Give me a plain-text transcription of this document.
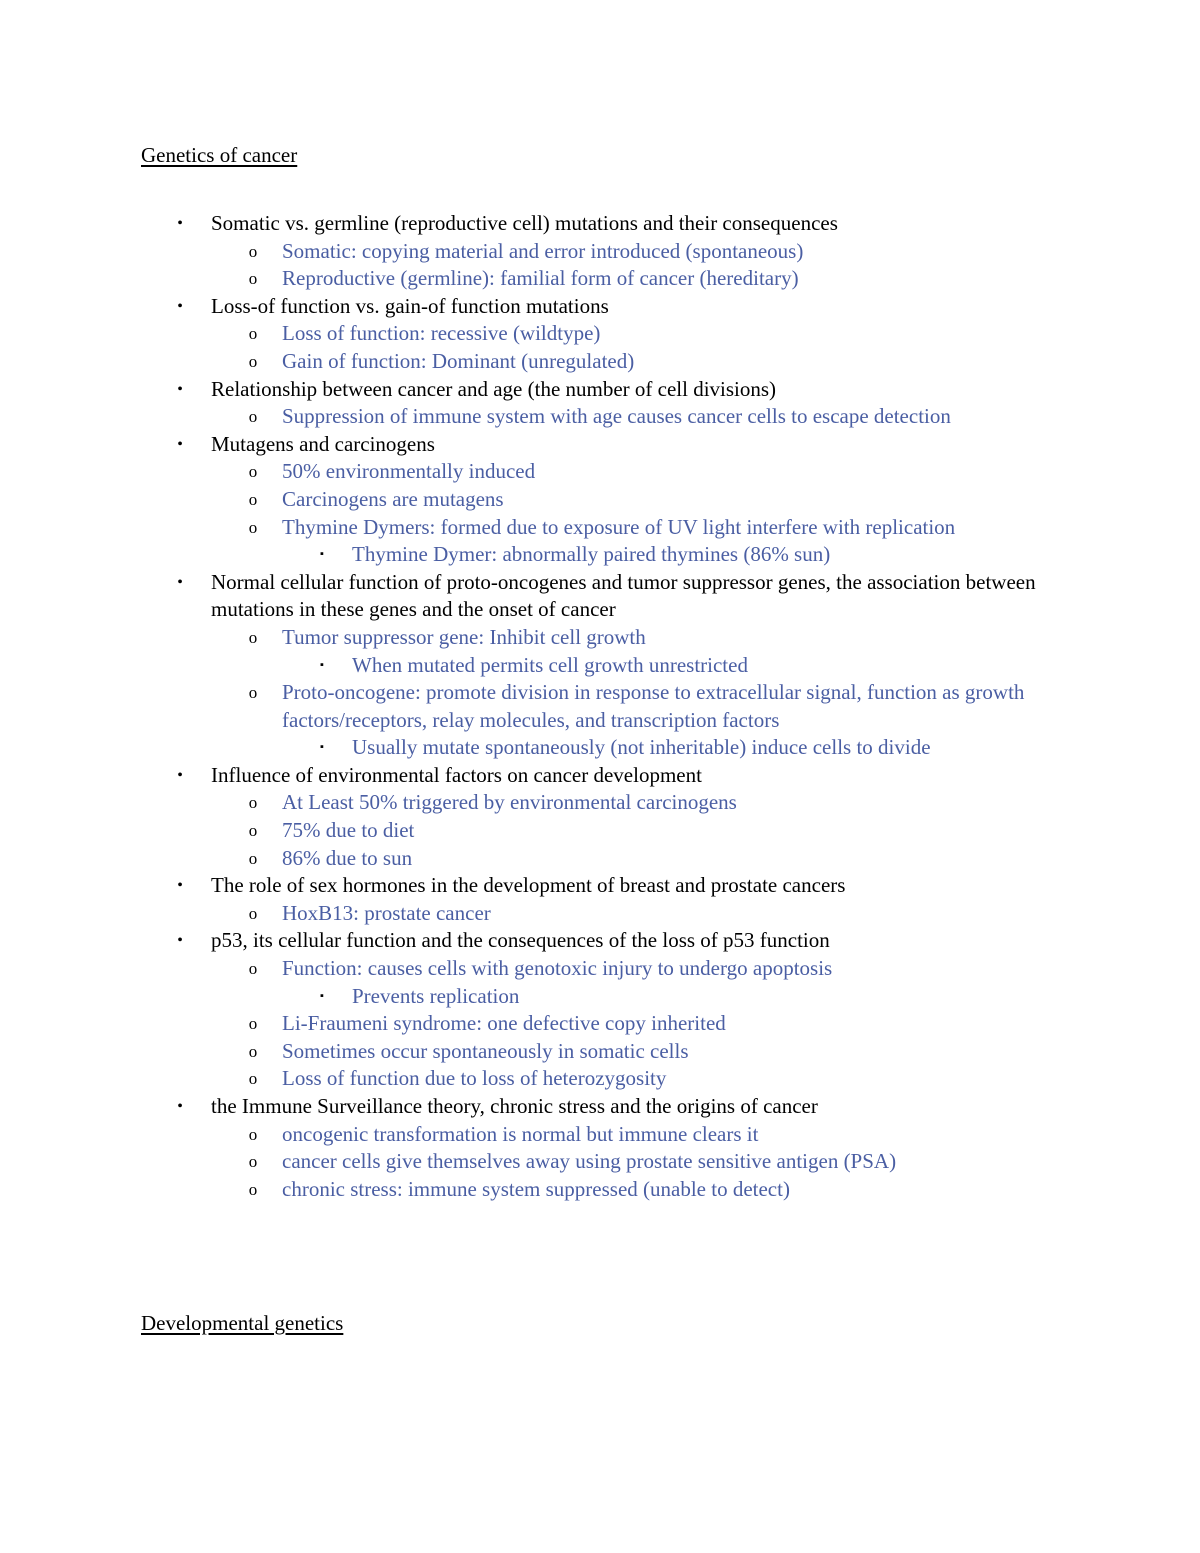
Genetics of cancer
•	Somatic vs. germline (reproductive cell) mutations and their consequences
o Somatic: copying material and error introduced (spontaneous)
o Reproductive (germline): familial form of cancer (hereditary)
•	Loss-of function vs. gain-of function mutations
o Loss of function: recessive (wildtype)
o Gain of function: Dominant (unregulated)
•	Relationship between cancer and age (the number of cell divisions)
o Suppression of immune system with age causes cancer cells to escape detection
•	Mutagens and carcinogens
o 50% environmentally induced
o Carcinogens are mutagens
o Thymine Dymers: formed due to exposure of UV light interfere with replication
▪	Thymine Dymer: abnormally paired thymines (86% sun)
•	Normal cellular function of proto-oncogenes and tumor suppressor genes, the association between mutations in these genes and the onset of cancer
o Tumor suppressor gene: Inhibit cell growth
▪	When mutated permits cell growth unrestricted
o Proto-oncogene: promote division in response to extracellular signal, function as growth factors/receptors, relay molecules, and transcription factors
▪	Usually mutate spontaneously (not inheritable) induce cells to divide
•	Influence of environmental factors on cancer development
o At Least 50% triggered by environmental carcinogens
o 75% due to diet
o 86% due to sun
•	The role of sex hormones in the development of breast and prostate cancers
o HoxB13: prostate cancer
•	p53, its cellular function and the consequences of the loss of p53 function
o Function: causes cells with genotoxic injury to undergo apoptosis
▪	Prevents replication
o Li-Fraumeni syndrome: one defective copy inherited
o Sometimes occur spontaneously in somatic cells
o Loss of function due to loss of heterozygosity
•	the Immune Surveillance theory, chronic stress and the origins of cancer
o oncogenic transformation is normal but immune clears it
o cancer cells give themselves away using prostate sensitive antigen (PSA)
o chronic stress: immune system suppressed (unable to detect)
Developmental genetics
